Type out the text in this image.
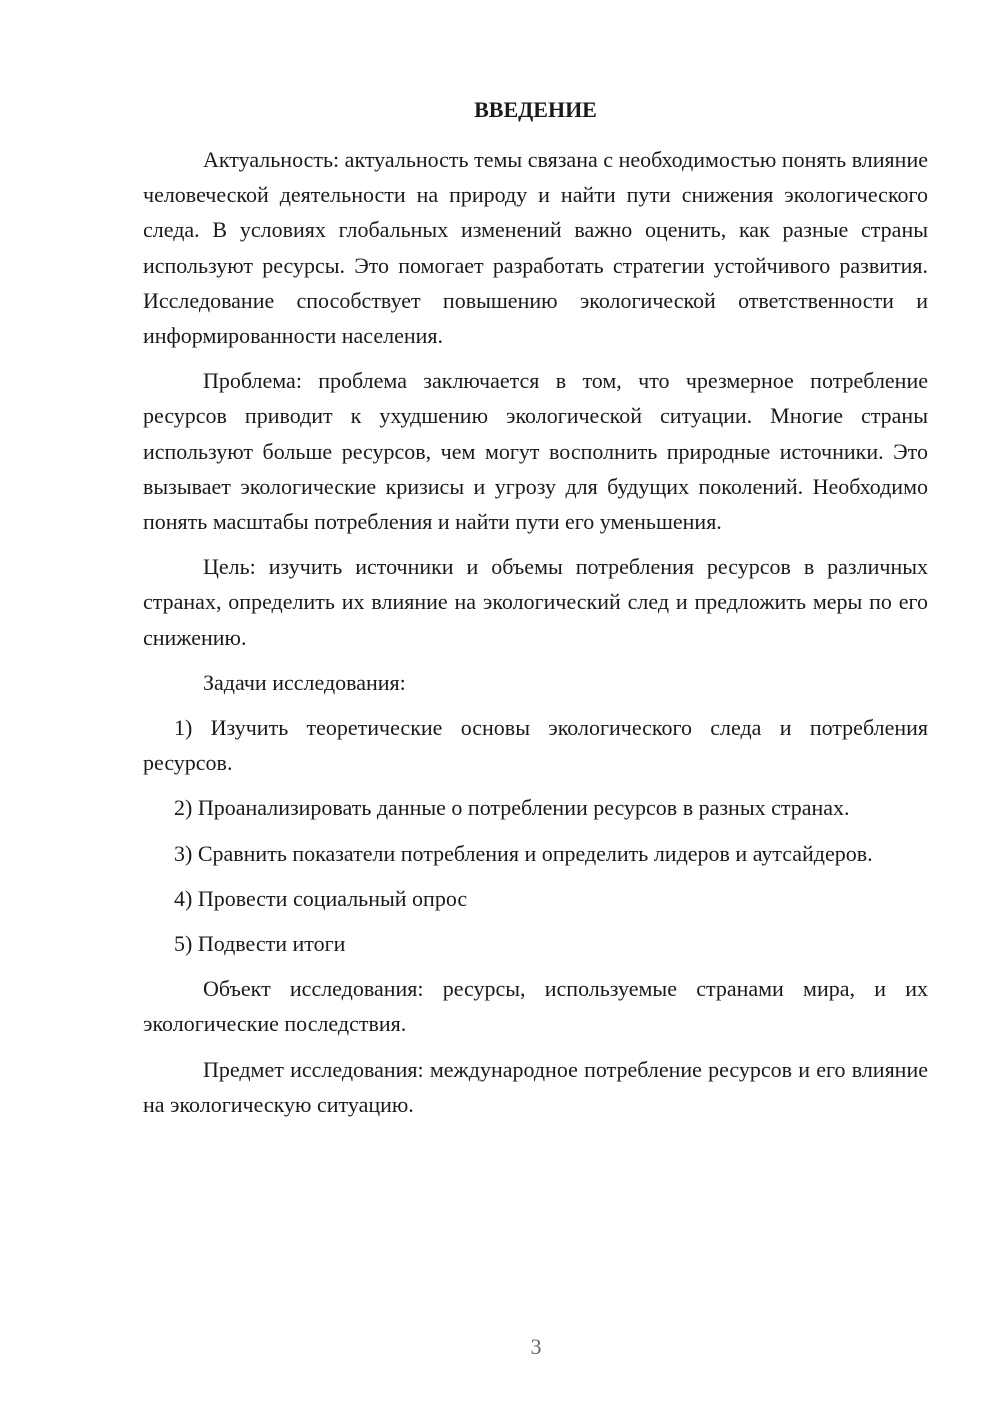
ВВЕДЕНИЕ

Актуальность: актуальность темы связана с необходимостью понять влияние человеческой деятельности на природу и найти пути снижения экологического следа. В условиях глобальных изменений важно оценить, как разные страны используют ресурсы. Это помогает разработать стратегии устойчивого развития. Исследование способствует повышению экологической ответственности и информированности населения.

Проблема: проблема заключается в том, что чрезмерное потребление ресурсов приводит к ухудшению экологической ситуации. Многие страны используют больше ресурсов, чем могут восполнить природные источники. Это вызывает экологические кризисы и угрозу для будущих поколений. Необходимо понять масштабы потребления и найти пути его уменьшения.

Цель: изучить источники и объемы потребления ресурсов в различных странах, определить их влияние на экологический след и предложить меры по его снижению.

Задачи исследования:

1) Изучить теоретические основы экологического следа и потребления ресурсов.

2) Проанализировать данные о потреблении ресурсов в разных странах.

3) Сравнить показатели потребления и определить лидеров и аутсайдеров.

4) Провести социальный опрос

5) Подвести итоги

Объект исследования: ресурсы, используемые странами мира, и их экологические последствия.

Предмет исследования: международное потребление ресурсов и его влияние на экологическую ситуацию.

3
